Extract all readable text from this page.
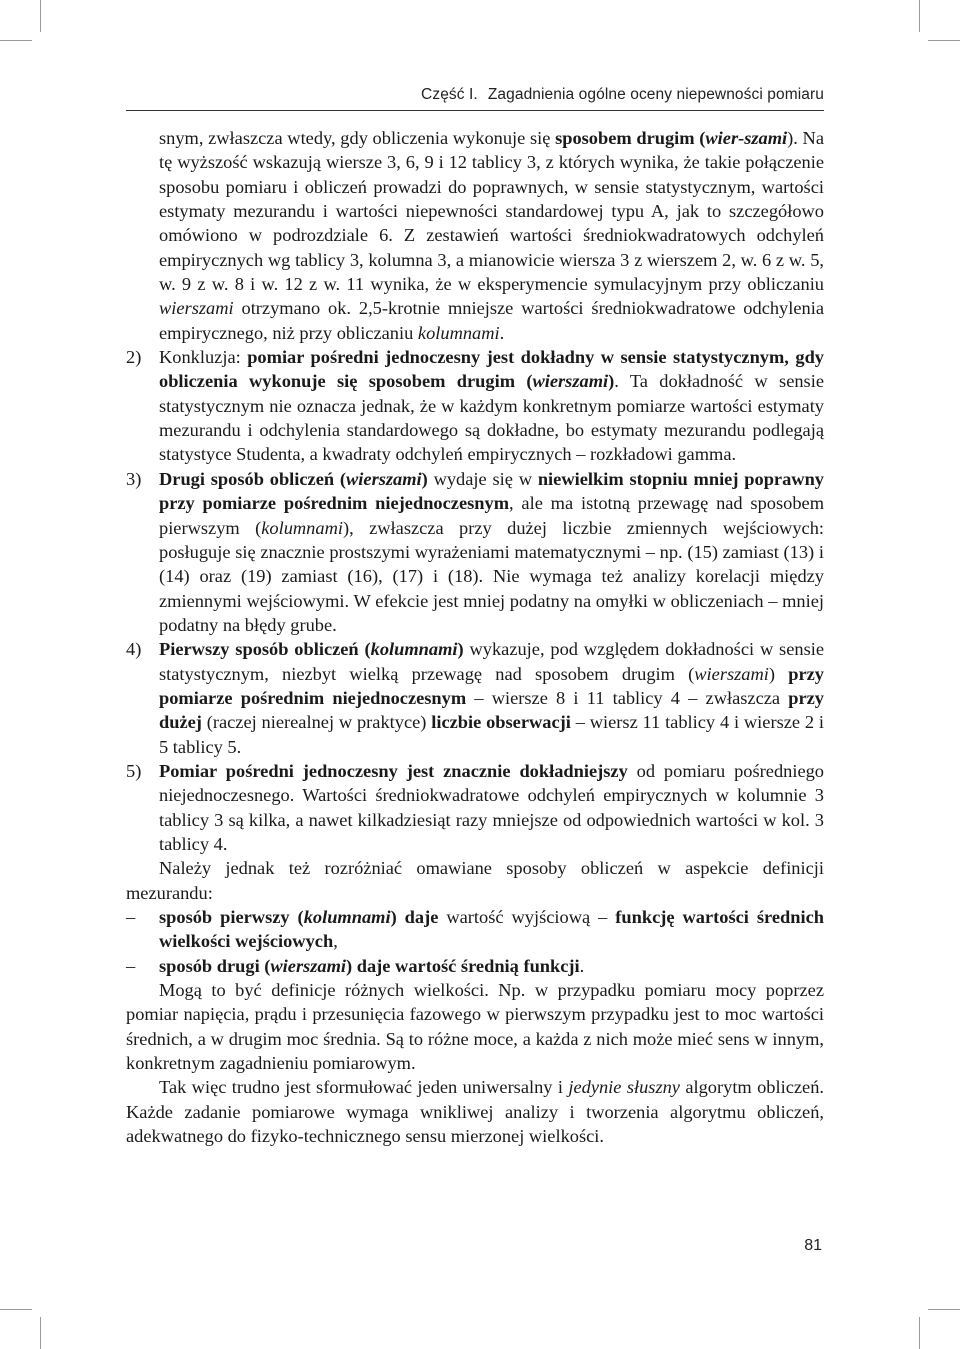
Część I. Zagadnienia ogólne oceny niepewności pomiaru

snym, zwłaszcza wtedy, gdy obliczenia wykonuje się sposobem drugim (wier-szami). Na tę wyższość wskazują wiersze 3, 6, 9 i 12 tablicy 3, z których wynika, że takie połączenie sposobu pomiaru i obliczeń prowadzi do poprawnych, w sensie statystycznym, wartości estymaty mezurandu i wartości niepewności standardowej typu A, jak to szczegółowo omówiono w podrozdziale 6. Z zestawień wartości średniokwadratowych odchyleń empirycznych wg tablicy 3, kolumna 3, a mianowicie wiersza 3 z wierszem 2, w. 6 z w. 5, w. 9 z w. 8 i w. 12 z w. 11 wynika, że w eksperymencie symulacyjnym przy obliczaniu wierszami otrzymano ok. 2,5-krotnie mniejsze wartości średniokwadratowe odchylenia empirycznego, niż przy obliczaniu kolumnami.

2) Konkluzja: pomiar pośredni jednoczesny jest dokładny w sensie statystycznym, gdy obliczenia wykonuje się sposobem drugim (wierszami). Ta dokładność w sensie statystycznym nie oznacza jednak, że w każdym konkretnym pomiarze wartości estymaty mezurandu i odchylenia standardowego są dokładne, bo estymaty mezurandu podlegają statystyce Studenta, a kwadraty odchyleń empirycznych – rozkładowi gamma.

3) Drugi sposób obliczeń (wierszami) wydaje się w niewielkim stopniu mniej poprawny przy pomiarze pośrednim niejednoczesnym, ale ma istotną przewagę nad sposobem pierwszym (kolumnami), zwłaszcza przy dużej liczbie zmiennych wejściowych: posługuje się znacznie prostszymi wyrażeniami matematycznymi – np. (15) zamiast (13) i (14) oraz (19) zamiast (16), (17) i (18). Nie wymaga też analizy korelacji między zmiennymi wejściowymi. W efekcie jest mniej podatny na omyłki w obliczeniach – mniej podatny na błędy grube.

4) Pierwszy sposób obliczeń (kolumnami) wykazuje, pod względem dokładności w sensie statystycznym, niezbyt wielką przewagę nad sposobem drugim (wierszami) przy pomiarze pośrednim niejednoczesnym – wiersze 8 i 11 tablicy 4 – zwłaszcza przy dużej (raczej nierealnej w praktyce) liczbie obserwacji – wiersz 11 tablicy 4 i wiersze 2 i 5 tablicy 5.

5) Pomiar pośredni jednoczesny jest znacznie dokładniejszy od pomiaru pośredniego niejednoczesnego. Wartości średniokwadratowe odchyleń empirycznych w kolumnie 3 tablicy 3 są kilka, a nawet kilkadziesiąt razy mniejsze od odpowiednich wartości w kol. 3 tablicy 4.

Należy jednak też rozróżniać omawiane sposoby obliczeń w aspekcie definicji mezurandu:

– sposób pierwszy (kolumnami) daje wartość wyjściową – funkcję wartości średnich wielkości wejściowych,

– sposób drugi (wierszami) daje wartość średnią funkcji.

Mogą to być definicje różnych wielkości. Np. w przypadku pomiaru mocy poprzez pomiar napięcia, prądu i przesunięcia fazowego w pierwszym przypadku jest to moc wartości średnich, a w drugim moc średnia. Są to różne moce, a każda z nich może mieć sens w innym, konkretnym zagadnieniu pomiarowym.

Tak więc trudno jest sformułować jeden uniwersalny i jedynie słuszny algorytm obliczeń. Każde zadanie pomiarowe wymaga wnikliwej analizy i tworzenia algorytmu obliczeń, adekwatnego do fizyko-technicznego sensu mierzonej wielkości.

81
